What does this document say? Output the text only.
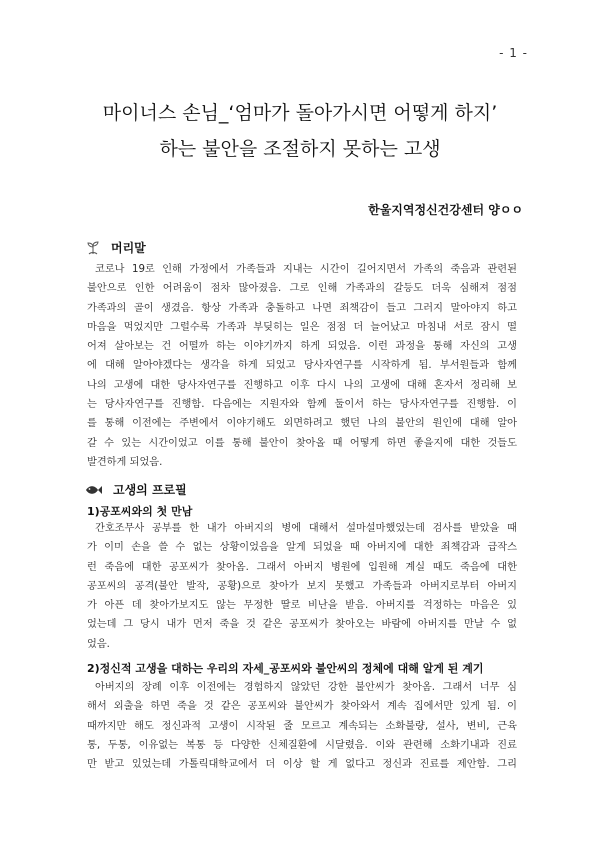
- 1 -
마이너스 손님_‘엄마가 돌아가시면 어떻게 하지’
하는 불안을 조절하지 못하는 고생
한울지역정신건강센터 양ㅇㅇ
머리말

코로나 19로 인해 가정에서 가족들과 지내는 시간이 길어지면서 가족의 죽음과 관련된
불안으로 인한 어려움이 점차 많아졌음. 그로 인해 가족과의 갈등도 더욱 심해져 점점
가족과의 골이 생겼음. 항상 가족과 충돌하고 나면 죄책감이 들고 그러지 말아야지 하고
마음을 먹었지만 그럴수록 가족과 부딪히는 일은 점점 더 늘어났고 마침내 서로 잠시 떨
어져 살아보는 건 어떨까 하는 이야기까지 하게 되었음. 이런 과정을 통해 자신의 고생
에 대해 알아야겠다는 생각을 하게 되었고 당사자연구를 시작하게 됨. 부서원들과 함께
나의 고생에 대한 당사자연구를 진행하고 이후 다시 나의 고생에 대해 혼자서 정리해 보
는 당사자연구를 진행함. 다음에는 지원자와 함께 둘이서 하는 당사자연구를 진행함. 이
를 통해 이전에는 주변에서 이야기해도 외면하려고 했던 나의 불안의 원인에 대해 알아
갈 수 있는 시간이었고 이를 통해 불안이 찾아올 때 어떻게 하면 좋을지에 대한 것들도
발견하게 되었음.

고생의 프로필
1)공포씨와의 첫 만남

간호조무사 공부를 한 내가 아버지의 병에 대해서 설마설마했었는데 검사를 받았을 때
가 이미 손을 쓸 수 없는 상황이었음을 알게 되었을 때 아버지에 대한 죄책감과 급작스
런 죽음에 대한 공포씨가 찾아옴. 그래서 아버지 병원에 입원해 계실 때도 죽음에 대한
공포씨의 공격(불안 발작, 공황)으로 찾아가 보지 못했고 가족들과 아버지로부터 아버지
가 아픈 데 찾아가보지도 않는 무정한 딸로 비난을 받음. 아버지를 걱정하는 마음은 있
었는데 그 당시 내가 먼저 죽을 것 같은 공포씨가 찾아오는 바람에 아버지를 만날 수 없
었음.

2)정신적 고생을 대하는 우리의 자세_공포씨와 불안씨의 정체에 대해 알게 된 계기

아버지의 장례 이후 이전에는 경험하지 않았던 강한 불안씨가 찾아옴. 그래서 너무 심
해서 외출을 하면 죽을 것 같은 공포씨와 불안씨가 찾아와서 계속 집에서만 있게 됨. 이
때까지만 해도 정신과적 고생이 시작된 줄 모르고 계속되는 소화불량, 설사, 변비, 근육
통, 두통, 이유없는 복통 등 다양한 신체질환에 시달렸음. 이와 관련해 소화기내과 진료
만 받고 있었는데 가톨릭대학교에서 더 이상 할 게 없다고 정신과 진료를 제안함. 그리
